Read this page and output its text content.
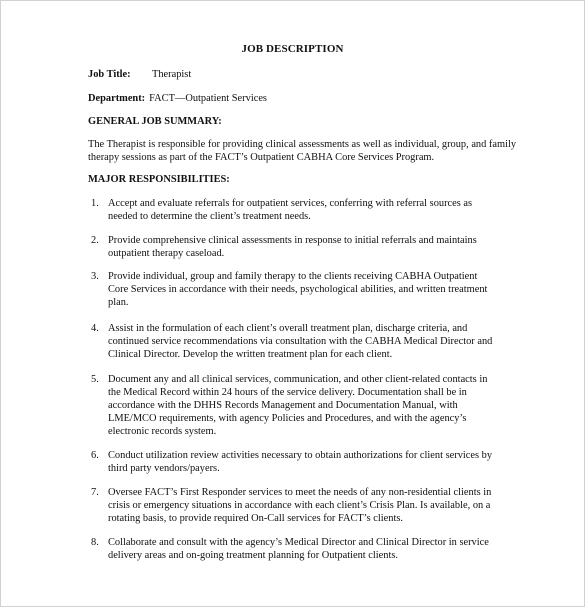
JOB DESCRIPTION
Job Title: Therapist
Department: FACT—Outpatient Services
GENERAL JOB SUMMARY:
The Therapist is responsible for providing clinical assessments as well as individual, group, and family
therapy sessions as part of the FACT’s Outpatient CABHA Core Services Program.
MAJOR RESPONSIBILITIES:
1. Accept and evaluate referrals for outpatient services, conferring with referral sources as
needed to determine the client’s treatment needs.
2. Provide comprehensive clinical assessments in response to initial referrals and maintains
outpatient therapy caseload.
3. Provide individual, group and family therapy to the clients receiving CABHA Outpatient
Core Services in accordance with their needs, psychological abilities, and written treatment
plan.
4. Assist in the formulation of each client’s overall treatment plan, discharge criteria, and
continued service recommendations via consultation with the CABHA Medical Director and
Clinical Director. Develop the written treatment plan for each client.
5. Document any and all clinical services, communication, and other client-related contacts in
the Medical Record within 24 hours of the service delivery. Documentation shall be in
accordance with the DHHS Records Management and Documentation Manual, with
LME/MCO requirements, with agency Policies and Procedures, and with the agency’s
electronic records system.
6. Conduct utilization review activities necessary to obtain authorizations for client services by
third party vendors/payers.
7. Oversee FACT’s First Responder services to meet the needs of any non-residential clients in
crisis or emergency situations in accordance with each client’s Crisis Plan. Is available, on a
rotating basis, to provide required On-Call services for FACT’s clients.
8. Collaborate and consult with the agency’s Medical Director and Clinical Director in service
delivery areas and on-going treatment planning for Outpatient clients.
